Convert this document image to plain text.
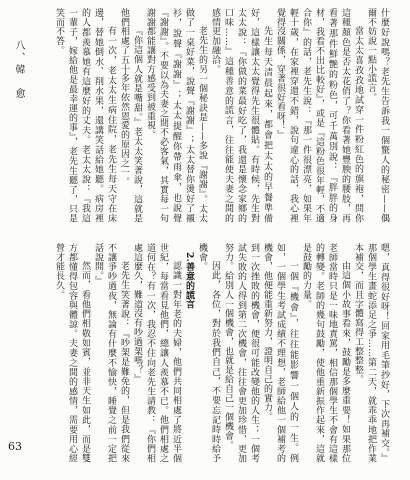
八、韓　愈	什麼好說嗎？老先生告訴我一個驚人的秘密——偶爾不妨說一點小謊言。

當太太喜孜孜地試穿一件粉紅色的旗袍，問你這種顏色是否太花俏了？你看著她豐腴的腰肢，再看著那件鮮艷的粉色，可千萬別說：『胖胖的身材，我看不出比較好』，或是『這粉色很年輕，不適合你』的話，老先生說：『那一件很漂亮，如果年輕十歲，在家裡穿還不錯，說句違心的話，我心裡覺得沒關係，穿著很好看呀！』

先生每天清晨起來，都會把太太的早餐準備好，這樣讓太太覺得先生很體貼。有時候，先生對太太說：『你做的菜最好吃了，我還是懷念家鄉的口味……』這種善意的謊言，往往能使夫妻之間的感情更加融洽。

老先生的另一個秘訣是——多說『謝謝』。太太做了一桌好菜，說聲『謝謝』；太太替你燙好了襯衫，說聲『謝謝』；太太提醒你帶雨傘，也說聲『謝謝』。不要以為夫妻之間不必客氣，其實每一句謝謝都能讓對方感受到被重視。

『你這個人就是嘴甜。』老太太笑著說，這就是他們相處了五十多年依然恩愛的原因之一。

有一次，老太太生病住院，老先生每天守在床邊，替她倒水、削水果，還講笑話給她聽。病房裡的人都羨慕她有這麼好的丈夫。老太太說：『我這一輩子，嫁給他是最幸運的事』，老先生聽了，只是笑而不答。

嗯，真得很好呀！回家用毛筆抄好，下次再補交。』那個學生畫蛇添足之爭……第二天，就乖乖地把作業本補交，而且字體寫得工整整整。

由這個小故事看來，鼓勵是多麼重要！如果那位老師當時只是一味地責罵，相信那個學生不會有這樣的轉變。老師的幾句鼓勵，使他重新振作起來，這就是鼓勵的力量。

一個『機會』，往往能影響一個人的一生。例如，一個學生考試成績不理想，老師給他一個補考的機會，他便能重新努力，證明自己的實力。

到一次挫敗的機會，便很可能改變他的人生；一個考試失敗的人得到第二次機會，往往會更加珍惜，更加努力。給別人一個機會，也就是給自己一個機會。

因此，各位，對於我們自己，不要忘記時時給予機會。

2.善意的謊言

認識一對年老的夫婦，他們共同相處了將近半個世紀，每當看見他們，總讓人羨慕不已。他們相處之道何在？有一次，我忍不住向老先生請教：『你們相處這麼久，難道沒有吵過架嗎？』

老先生笑著說：『吵架是難免的，但是我們從來不讓爭吵過夜，無論有什麼不愉快，睡覺之前一定把話說開。』

然而，看他們相敬如賓，並非天生如此，而是雙方都懂得包容與體諒。夫妻之間的感情，需要用心經營才能長久。

63
